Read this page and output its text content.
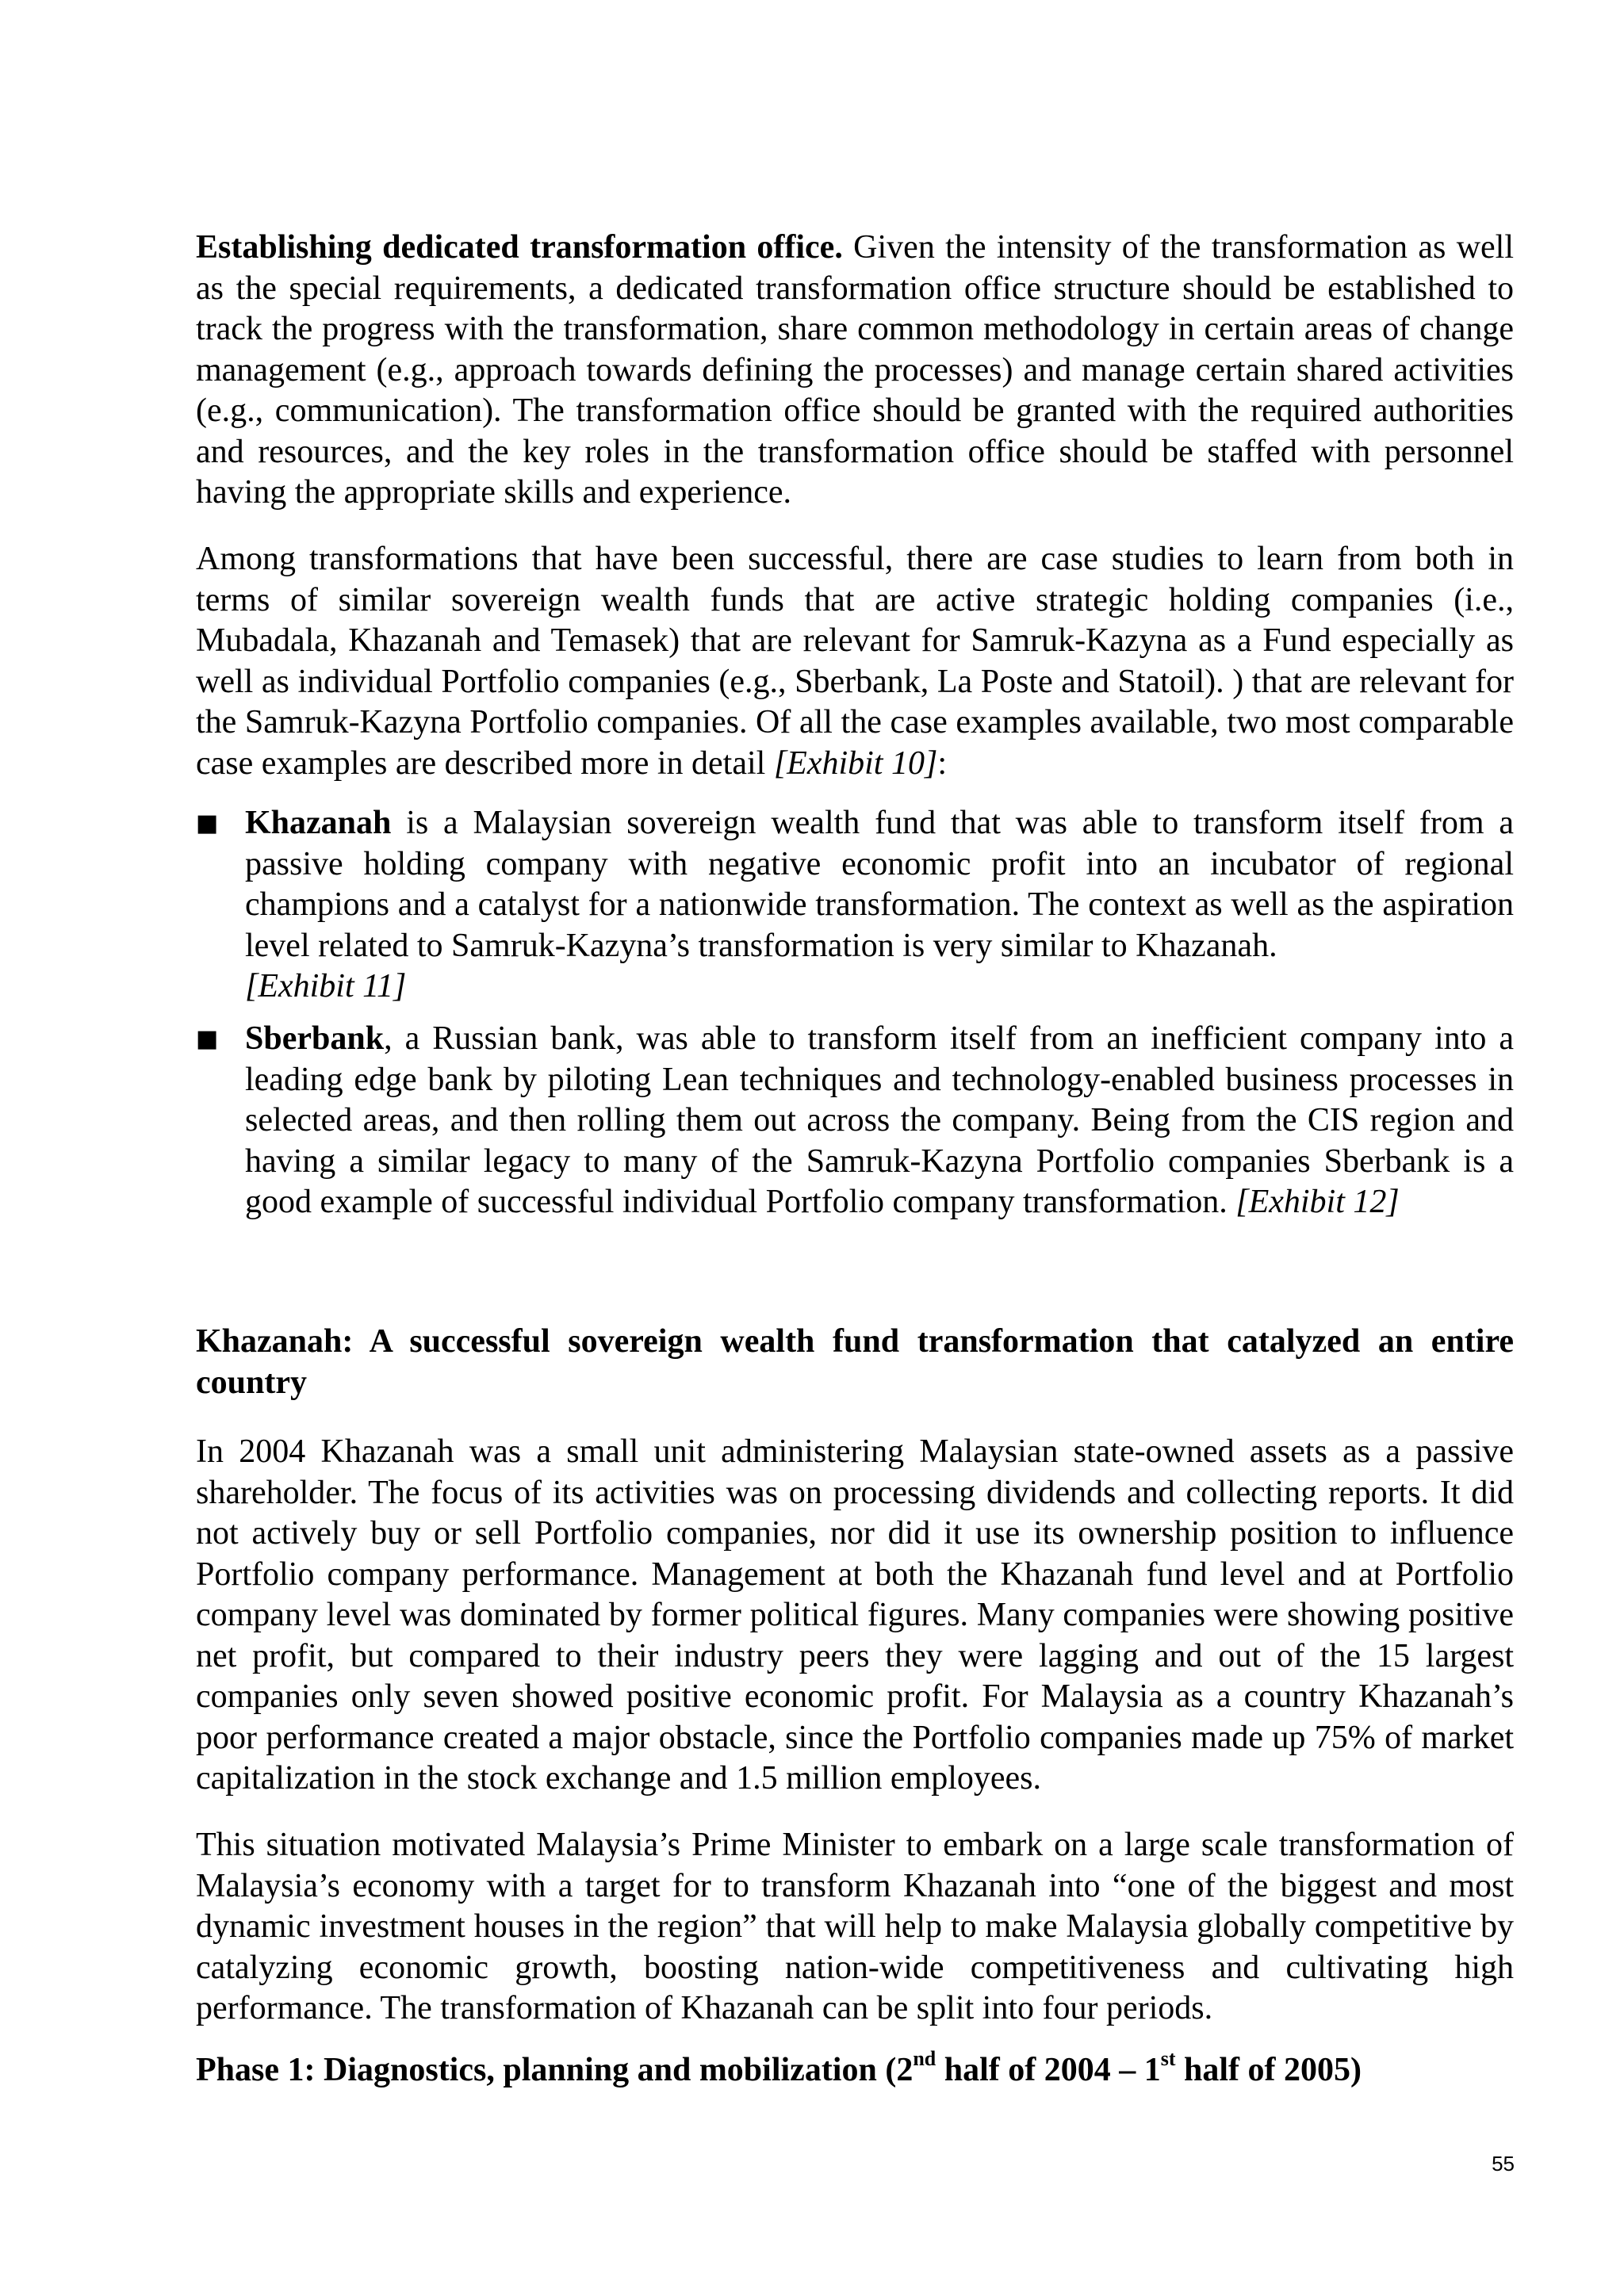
Establishing dedicated transformation office. Given the intensity of the transformation as well as the special requirements, a dedicated transformation office structure should be established to track the progress with the transformation, share common methodology in certain areas of change management (e.g., approach towards defining the processes) and manage certain shared activities (e.g., communication). The transformation office should be granted with the required authorities and resources, and the key roles in the transformation office should be staffed with personnel having the appropriate skills and experience.
Among transformations that have been successful, there are case studies to learn from both in terms of similar sovereign wealth funds that are active strategic holding companies (i.e., Mubadala, Khazanah and Temasek) that are relevant for Samruk-Kazyna as a Fund especially as well as individual Portfolio companies (e.g., Sberbank, La Poste and Statoil). ) that are relevant for the Samruk-Kazyna Portfolio companies. Of all the case examples available, two most comparable case examples are described more in detail [Exhibit 10]:
■ Khazanah is a Malaysian sovereign wealth fund that was able to transform itself from a passive holding company with negative economic profit into an incubator of regional champions and a catalyst for a nationwide transformation. The context as well as the aspiration level related to Samruk-Kazyna’s transformation is very similar to Khazanah.
[Exhibit 11]
■ Sberbank, a Russian bank, was able to transform itself from an inefficient company into a leading edge bank by piloting Lean techniques and technology-enabled business processes in selected areas, and then rolling them out across the company. Being from the CIS region and having a similar legacy to many of the Samruk-Kazyna Portfolio companies Sberbank is a good example of successful individual Portfolio company transformation. [Exhibit 12]
Khazanah: A successful sovereign wealth fund transformation that catalyzed an entire country
In 2004 Khazanah was a small unit administering Malaysian state-owned assets as a passive shareholder. The focus of its activities was on processing dividends and collecting reports. It did not actively buy or sell Portfolio companies, nor did it use its ownership position to influence Portfolio company performance. Management at both the Khazanah fund level and at Portfolio company level was dominated by former political figures. Many companies were showing positive net profit, but compared to their industry peers they were lagging and out of the 15 largest companies only seven showed positive economic profit. For Malaysia as a country Khazanah’s poor performance created a major obstacle, since the Portfolio companies made up 75% of market capitalization in the stock exchange and 1.5 million employees.
This situation motivated Malaysia’s Prime Minister to embark on a large scale transformation of Malaysia’s economy with a target for to transform Khazanah into “one of the biggest and most dynamic investment houses in the region” that will help to make Malaysia globally competitive by catalyzing economic growth, boosting nation-wide competitiveness and cultivating high performance. The transformation of Khazanah can be split into four periods.
Phase 1: Diagnostics, planning and mobilization (2nd half of 2004 – 1st half of 2005)
55
